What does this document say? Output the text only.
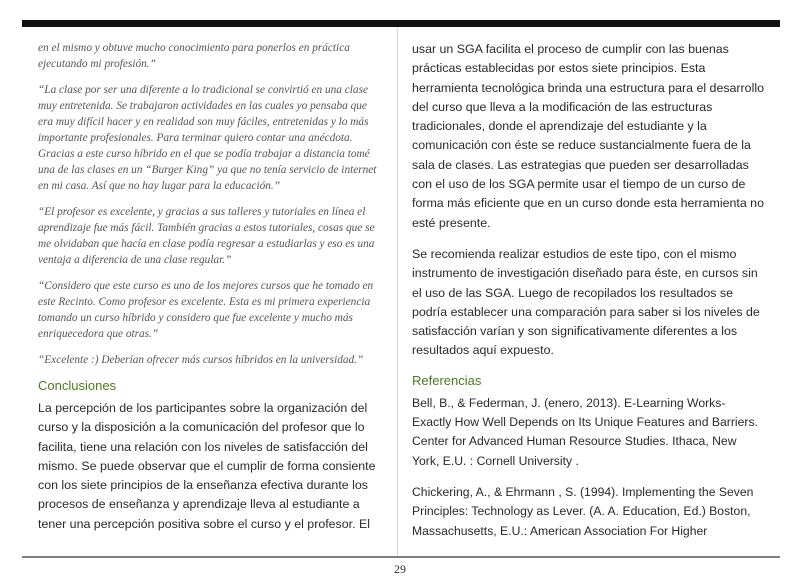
en el mismo y obtuve mucho conocimiento para ponerlos en práctica ejecutando mi profesión.”

“La clase por ser una diferente a lo tradicional se convirtió en una clase muy entretenida. Se trabajaron actividades en las cuales yo pensaba que era muy difícil hacer y en realidad son muy fáciles, entretenidas y lo más importante profesionales. Para terminar quiero contar una anécdota. Gracias a este curso híbrido en el que se podía trabajar a distancia tomé una de las clases en un “Burger King” ya que no tenía servicio de internet en mi casa. Así que no hay lugar para la educación.”

“El profesor es excelente, y gracias a sus talleres y tutoriales en línea el aprendizaje fue más fácil. También gracias a estos tutoriales, cosas que se me olvidaban que hacía en clase podía regresar a estudiarlas y eso es una ventaja a diferencia de una clase regular.”

“Considero que este curso es uno de los mejores cursos que he tomado en este Recinto. Como profesor es excelente. Esta es mi primera experiencia tomando un curso híbrido y considero que fue excelente y mucho más enriquecedora que otras.”

“Excelente :) Deberían ofrecer más cursos híbridos en la universidad.”

Conclusiones

La percepción de los participantes sobre la organización del curso y la disposición a la comunicación del profesor que lo facilita, tiene una relación con los niveles de satisfacción del mismo. Se puede observar que el cumplir de forma consiente con los siete principios de la enseñanza efectiva durante los procesos de enseñanza y aprendizaje lleva al estudiante a tener una percepción positiva sobre el curso y el profesor. El

usar un SGA facilita el proceso de cumplir con las buenas prácticas establecidas por estos siete principios. Esta herramienta tecnológica brinda una estructura para el desarrollo del curso que lleva a la modificación de las estructuras tradicionales, donde el aprendizaje del estudiante y la comunicación con éste se reduce sustancialmente fuera de la sala de clases. Las estrategias que pueden ser desarrolladas con el uso de los SGA permite usar el tiempo de un curso de forma más eficiente que en un curso donde esta herramienta no esté presente.

Se recomienda realizar estudios de este tipo, con el mismo instrumento de investigación diseñado para éste, en cursos sin el uso de las SGA. Luego de recopilados los resultados se podría establecer una comparación para saber si los niveles de satisfacción varían y son significativamente diferentes a los resultados aquí expuesto.

Referencias

Bell, B., & Federman, J. (enero, 2013). E-Learning Works-Exactly How Well Depends on Its Unique Features and Barriers. Center for Advanced Human Resource Studies. Ithaca, New York, E.U. : Cornell University .

Chickering, A., & Ehrmann , S. (1994). Implementing the Seven Principles: Technology as Lever. (A. A. Education, Ed.) Boston, Massachusetts, E.U.: American Association For Higher

29
